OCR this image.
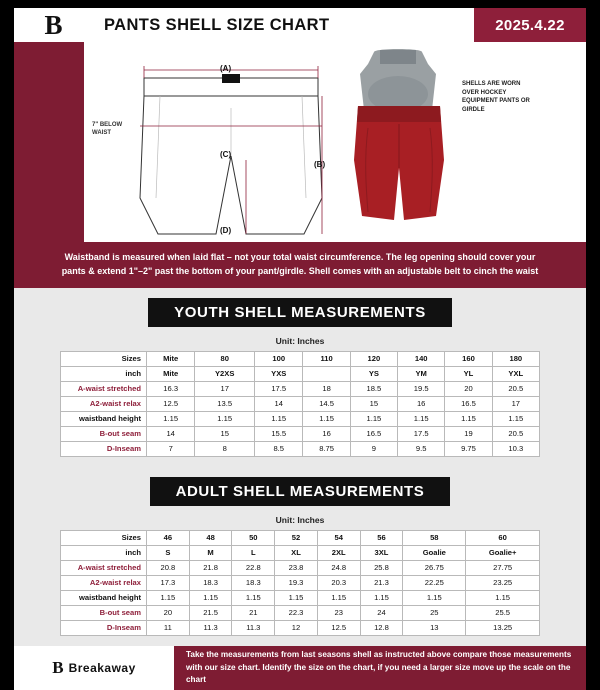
B	PANTS SHELL SIZE CHART	2025.4.22
7" BELOW WAIST
(A)
(C)
(B)
(D)
SHELLS ARE WORN OVER HOCKEY EQUIPMENT PANTS OR GIRDLE
Waistband is measured when laid flat – not your total waist circumference. The leg opening should cover your pants & extend 1"–2" past the bottom of your pant/girdle. Shell comes with an adjustable belt to cinch the waist
YOUTH SHELL MEASUREMENTS
Unit: Inches
Sizes	Mite	80	100	110	120	140	160	180
inch	Mite	Y2XS	YXS		YS	YM	YL	YXL
A-waist stretched	16.3	17	17.5	18	18.5	19.5	20	20.5
A2-waist relax	12.5	13.5	14	14.5	15	16	16.5	17
waistband height	1.15	1.15	1.15	1.15	1.15	1.15	1.15	1.15
B-out seam	14	15	15.5	16	16.5	17.5	19	20.5
D-Inseam	7	8	8.5	8.75	9	9.5	9.75	10.3
ADULT SHELL MEASUREMENTS
Unit: Inches
Sizes	46	48	50	52	54	56	58	60
inch	S	M	L	XL	2XL	3XL	Goalie	Goalie+
A-waist stretched	20.8	21.8	22.8	23.8	24.8	25.8	26.75	27.75
A2-waist relax	17.3	18.3	18.3	19.3	20.3	21.3	22.25	23.25
waistband height	1.15	1.15	1.15	1.15	1.15	1.15	1.15	1.15
B-out seam	20	21.5	21	22.3	23	24	25	25.5
D-Inseam	11	11.3	11.3	12	12.5	12.8	13	13.25
B Breakaway
Take the measurements from last seasons shell as instructed above compare those measurements with our size chart. Identify the size on the chart, if you need a larger size move up the scale on the chart
